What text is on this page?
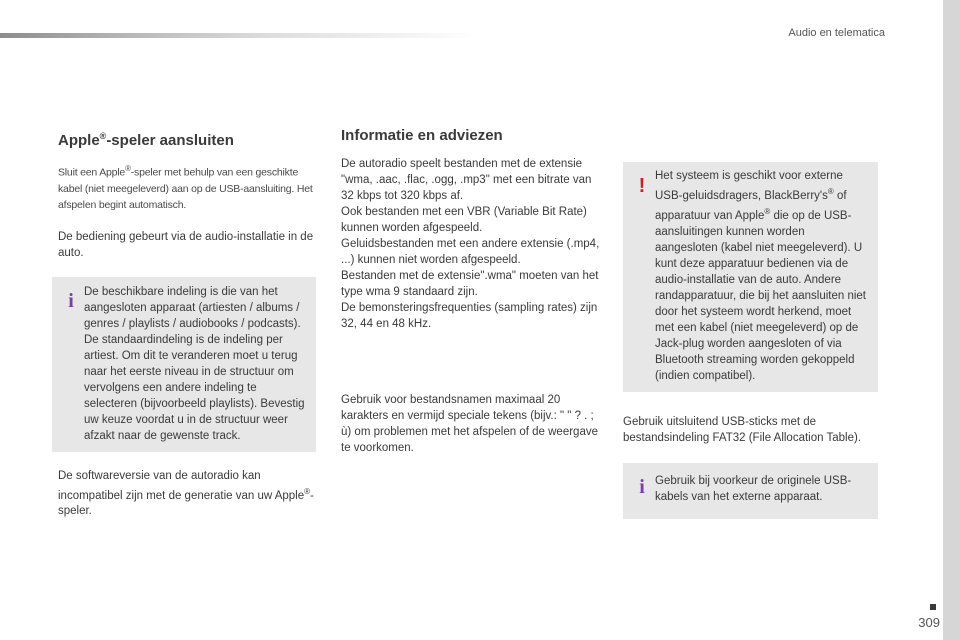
Audio en telematica
Apple®-speler aansluiten

Sluit een Apple®-speler met behulp van een geschikte kabel (niet meegeleverd) aan op de USB-aansluiting. Het afspelen begint automatisch.

De bediening gebeurt via de audio-installatie in de auto.

i De beschikbare indeling is die van het aangesloten apparaat (artiesten / albums / genres / playlists / audiobooks / podcasts). De standaardindeling is de indeling per artiest. Om dit te veranderen moet u terug naar het eerste niveau in de structuur om vervolgens een andere indeling te selecteren (bijvoorbeeld playlists). Bevestig uw keuze voordat u in de structuur weer afzakt naar de gewenste track.

De softwareversie van de autoradio kan incompatibel zijn met de generatie van uw Apple®-speler.

Informatie en adviezen

De autoradio speelt bestanden met de extensie "wma, .aac, .flac, .ogg, .mp3" met een bitrate van 32 kbps tot 320 kbps af.

Ook bestanden met een VBR (Variable Bit Rate) kunnen worden afgespeeld.

Geluidsbestanden met een andere extensie (.mp4, ...) kunnen niet worden afgespeeld.

Bestanden met de extensie".wma" moeten van het type wma 9 standaard zijn.

De bemonsteringsfrequenties (sampling rates) zijn 32, 44 en 48 kHz.

Gebruik voor bestandsnamen maximaal 20 karakters en vermijd speciale tekens (bijv.: " " ? . ; ù) om problemen met het afspelen of de weergave te voorkomen.

! Het systeem is geschikt voor externe USB-geluidsdragers, BlackBerry's® of apparatuur van Apple® die op de USB-aansluitingen kunnen worden aangesloten (kabel niet meegeleverd). U kunt deze apparatuur bedienen via de audio-installatie van de auto. Andere randapparatuur, die bij het aansluiten niet door het systeem wordt herkend, moet met een kabel (niet meegeleverd) op de Jack-plug worden aangesloten of via Bluetooth streaming worden gekoppeld (indien compatibel).

Gebruik uitsluitend USB-sticks met de bestandsindeling FAT32 (File Allocation Table).

i Gebruik bij voorkeur de originele USB-kabels van het externe apparaat.

309
